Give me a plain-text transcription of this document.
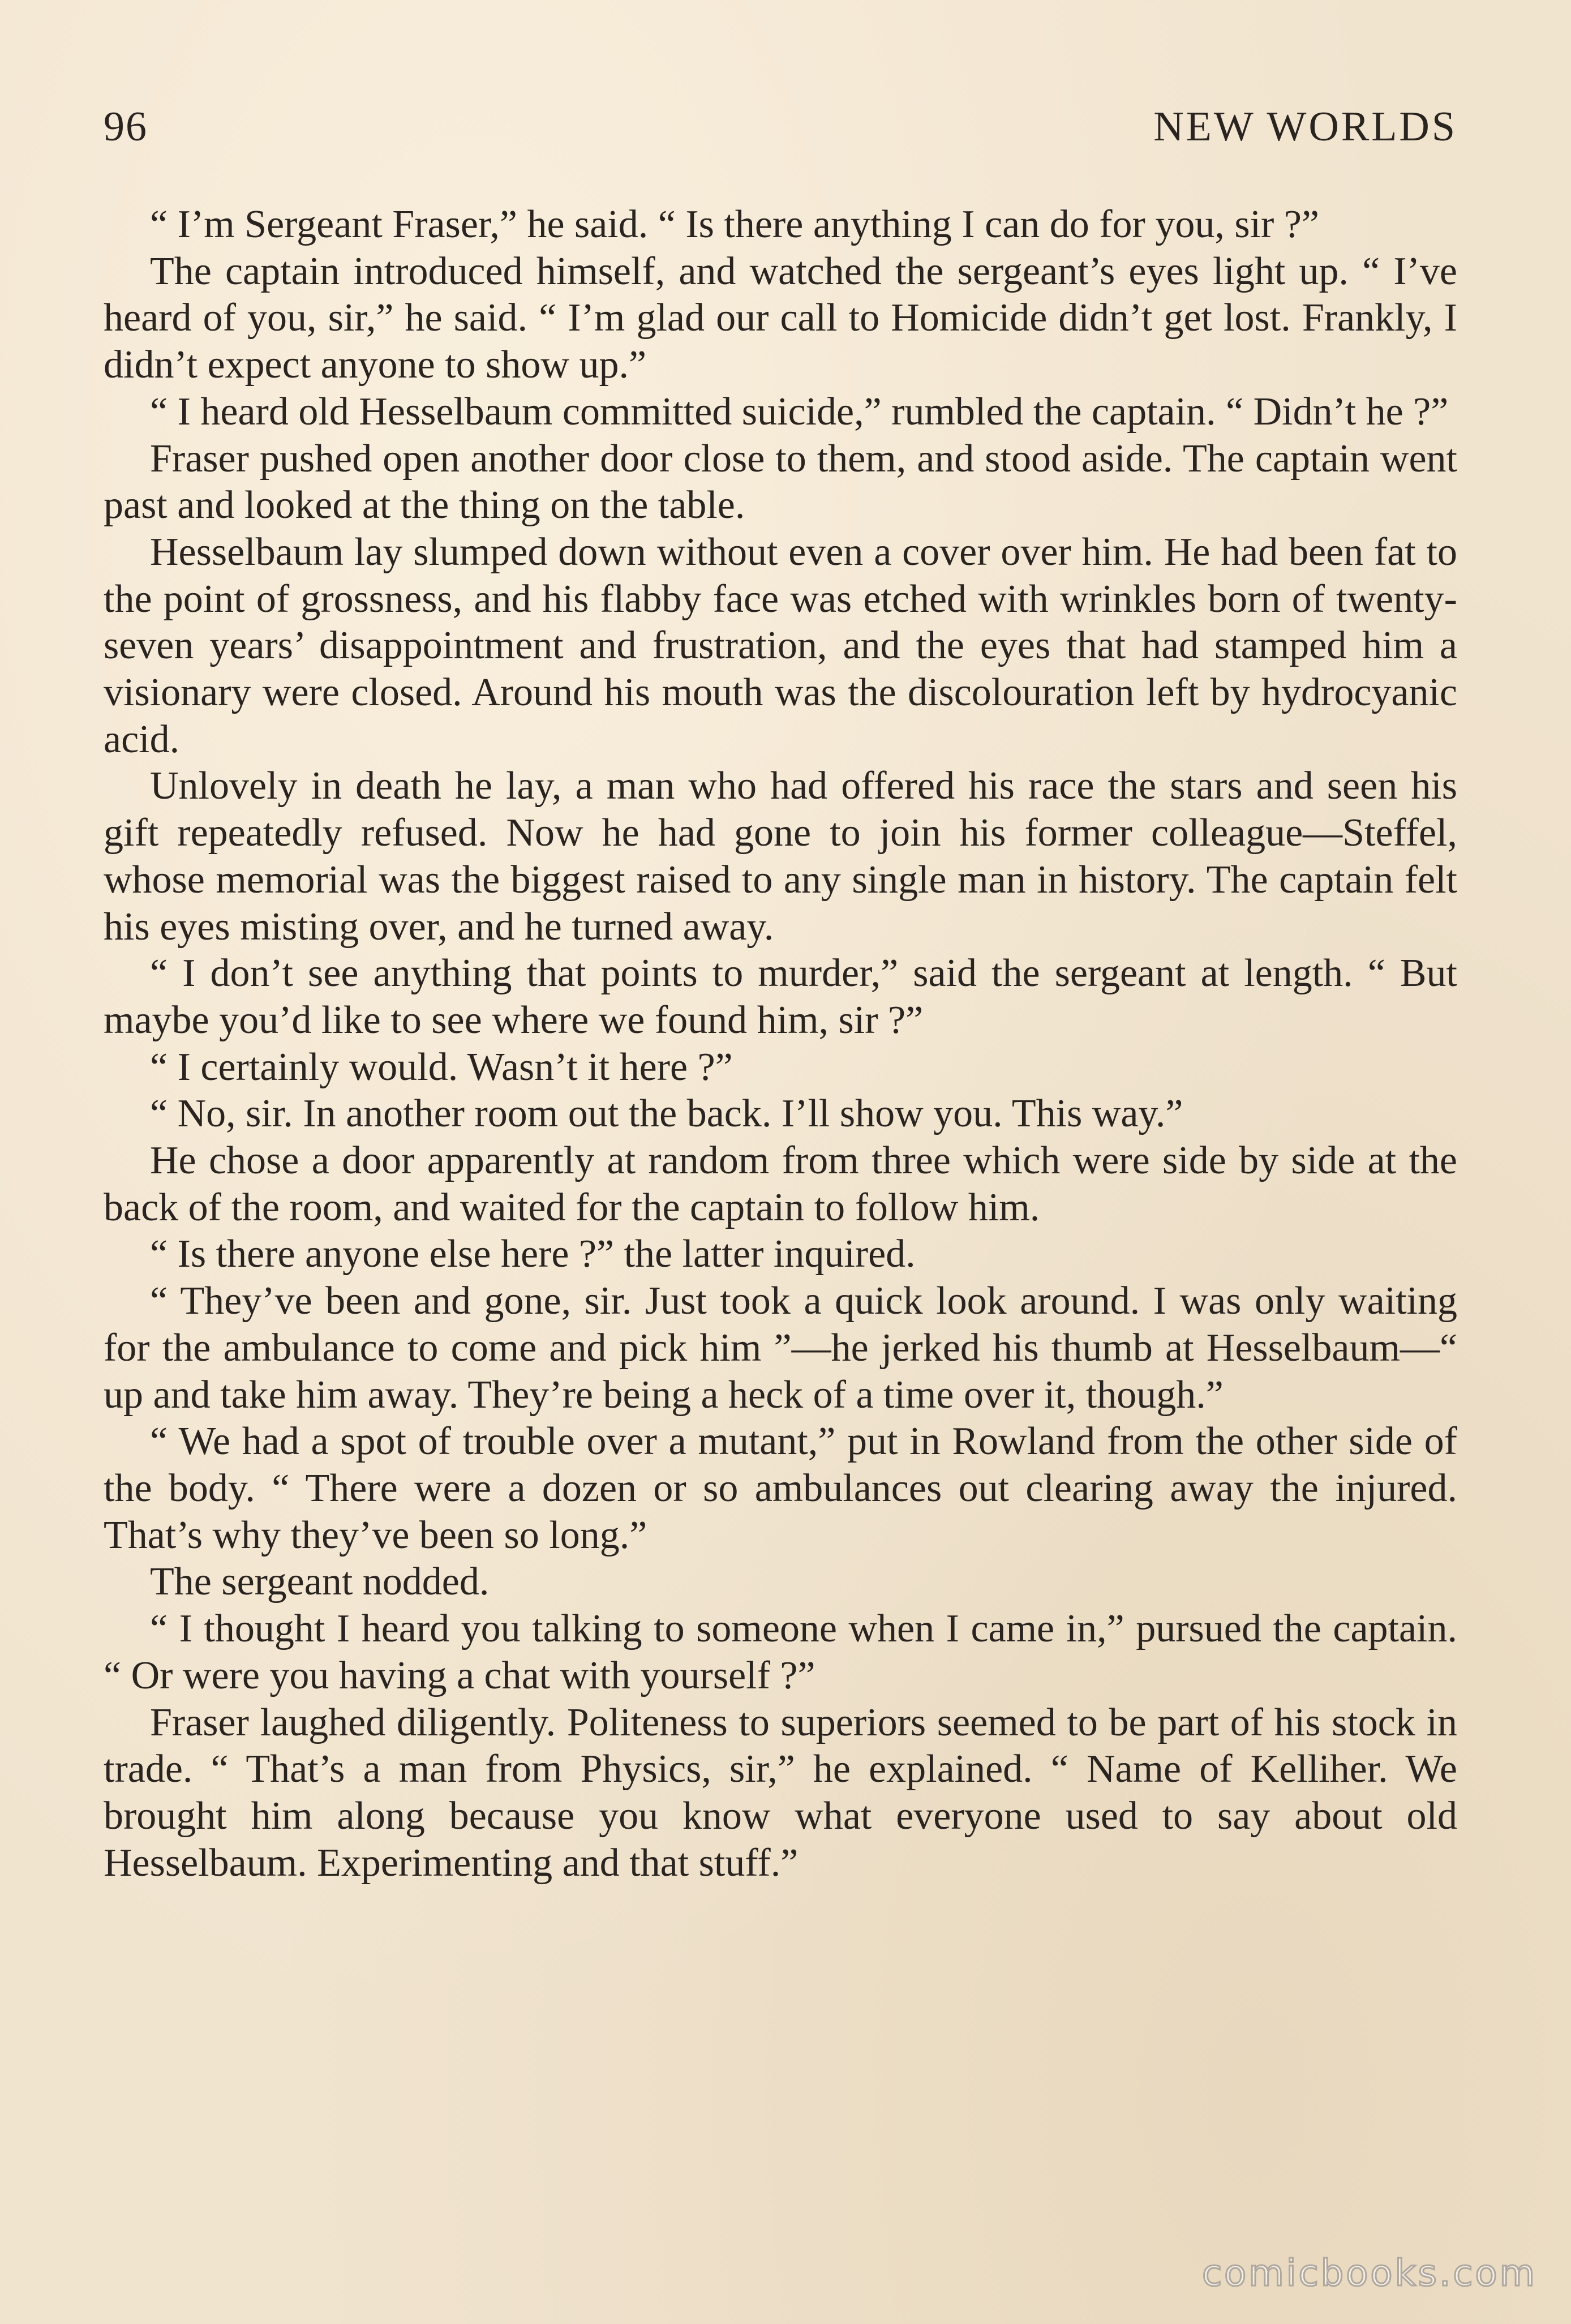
96	NEW WORLDS

“ I’m Sergeant Fraser,” he said. “ Is there anything I can do for you, sir ?”

The captain introduced himself, and watched the sergeant’s eyes light up. “ I’ve heard of you, sir,” he said. “ I’m glad our call to Homicide didn’t get lost. Frankly, I didn’t expect anyone to show up.”

“ I heard old Hesselbaum committed suicide,” rumbled the captain. “ Didn’t he ?”

Fraser pushed open another door close to them, and stood aside. The captain went past and looked at the thing on the table.

Hesselbaum lay slumped down without even a cover over him. He had been fat to the point of grossness, and his flabby face was etched with wrinkles born of twenty-seven years’ disappointment and frustration, and the eyes that had stamped him a visionary were closed. Around his mouth was the discolouration left by hydrocyanic acid.

Unlovely in death he lay, a man who had offered his race the stars and seen his gift repeatedly refused. Now he had gone to join his former colleague—Steffel, whose memorial was the biggest raised to any single man in history. The captain felt his eyes misting over, and he turned away.

“ I don’t see anything that points to murder,” said the sergeant at length. “ But maybe you’d like to see where we found him, sir ?”

“ I certainly would. Wasn’t it here ?”

“ No, sir. In another room out the back. I’ll show you. This way.”

He chose a door apparently at random from three which were side by side at the back of the room, and waited for the captain to follow him.

“ Is there anyone else here ?” the latter inquired.

“ They’ve been and gone, sir. Just took a quick look around. I was only waiting for the ambulance to come and pick him ”—he jerked his thumb at Hesselbaum—“ up and take him away. They’re being a heck of a time over it, though.”

“ We had a spot of trouble over a mutant,” put in Rowland from the other side of the body. “ There were a dozen or so ambulances out clearing away the injured. That’s why they’ve been so long.”

The sergeant nodded.

“ I thought I heard you talking to someone when I came in,” pursued the captain. “ Or were you having a chat with yourself ?”

Fraser laughed diligently. Politeness to superiors seemed to be part of his stock in trade. “ That’s a man from Physics, sir,” he explained. “ Name of Kelliher. We brought him along because you know what everyone used to say about old Hesselbaum. Experimenting and that stuff.”

comicbooks.com
